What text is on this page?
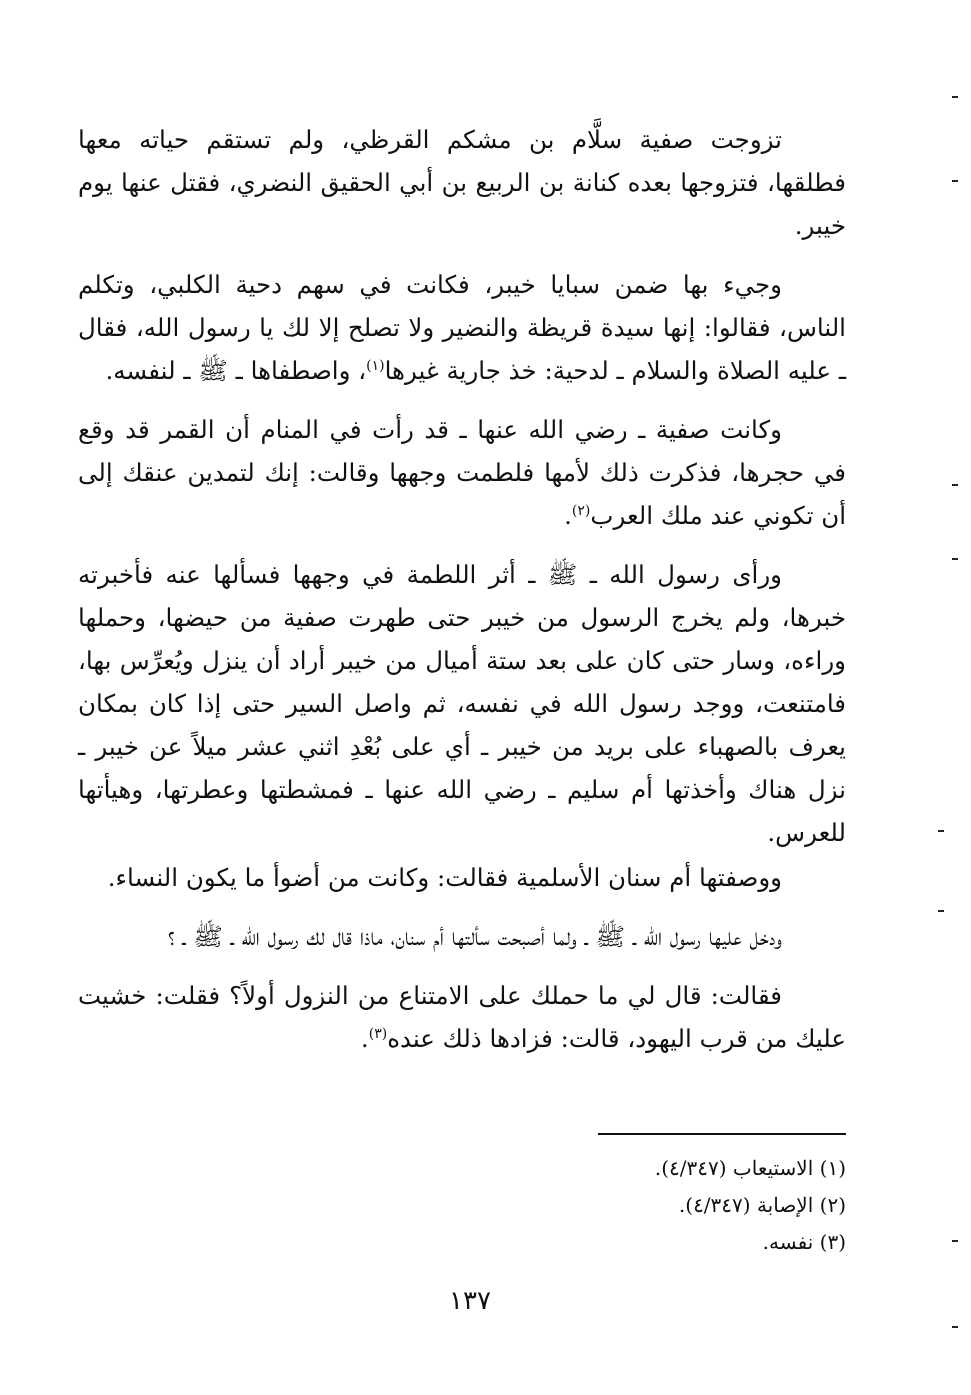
تزوجت صفية سلَّام بن مشكم القرظي، ولم تستقم حياته معها فطلقها، فتزوجها بعده كنانة بن الربيع بن أبي الحقيق النضري، فقتل عنها يوم خيبر.

وجيء بها ضمن سبايا خيبر، فكانت في سهم دحية الكلبي، وتكلم الناس، فقالوا: إنها سيدة قريظة والنضير ولا تصلح إلا لك يا رسول الله، فقال ـ عليه الصلاة والسلام ـ لدحية: خذ جارية غيرها$^{(١)}$، واصطفاها ـ ﷺ ـ لنفسه.

وكانت صفية ـ رضي الله عنها ـ قد رأت في المنام أن القمر قد وقع في حجرها، فذكرت ذلك لأمها فلطمت وجهها وقالت: إنك لتمدين عنقك إلى أن تكوني عند ملك العرب$^{(٢)}$.

ورأى رسول الله ـ ﷺ ـ أثر اللطمة في وجهها فسألها عنه فأخبرته خبرها، ولم يخرج الرسول من خيبر حتى طهرت صفية من حيضها، وحملها وراءه، وسار حتى كان على بعد ستة أميال من خيبر أراد أن ينزل ويُعرِّس بها، فامتنعت، ووجد رسول الله في نفسه، ثم واصل السير حتى إذا كان بمكان يعرف بالصهباء على بريد من خيبر ـ أي على بُعْدِ اثني عشر ميلاً عن خيبر ـ نزل هناك وأخذتها أم سليم ـ رضي الله عنها ـ فمشطتها وعطرتها، وهيأتها للعرس.

ووصفتها أم سنان الأسلمية فقالت: وكانت من أضوأ ما يكون النساء.

ودخل عليها رسول الله ـ ﷺ ـ ولما أصبحت سألتها أم سنان، ماذا قال لك رسول الله ـ ﷺ ـ ؟

فقالت: قال لي ما حملك على الامتناع من النزول أولاً؟ فقلت: خشيت عليك من قرب اليهود، قالت: فزادها ذلك عنده$^{(٣)}$.

(١) الاستيعاب (٤/٣٤٧).
(٢) الإصابة (٤/٣٤٧).
(٣) نفسه.
١٣٧
